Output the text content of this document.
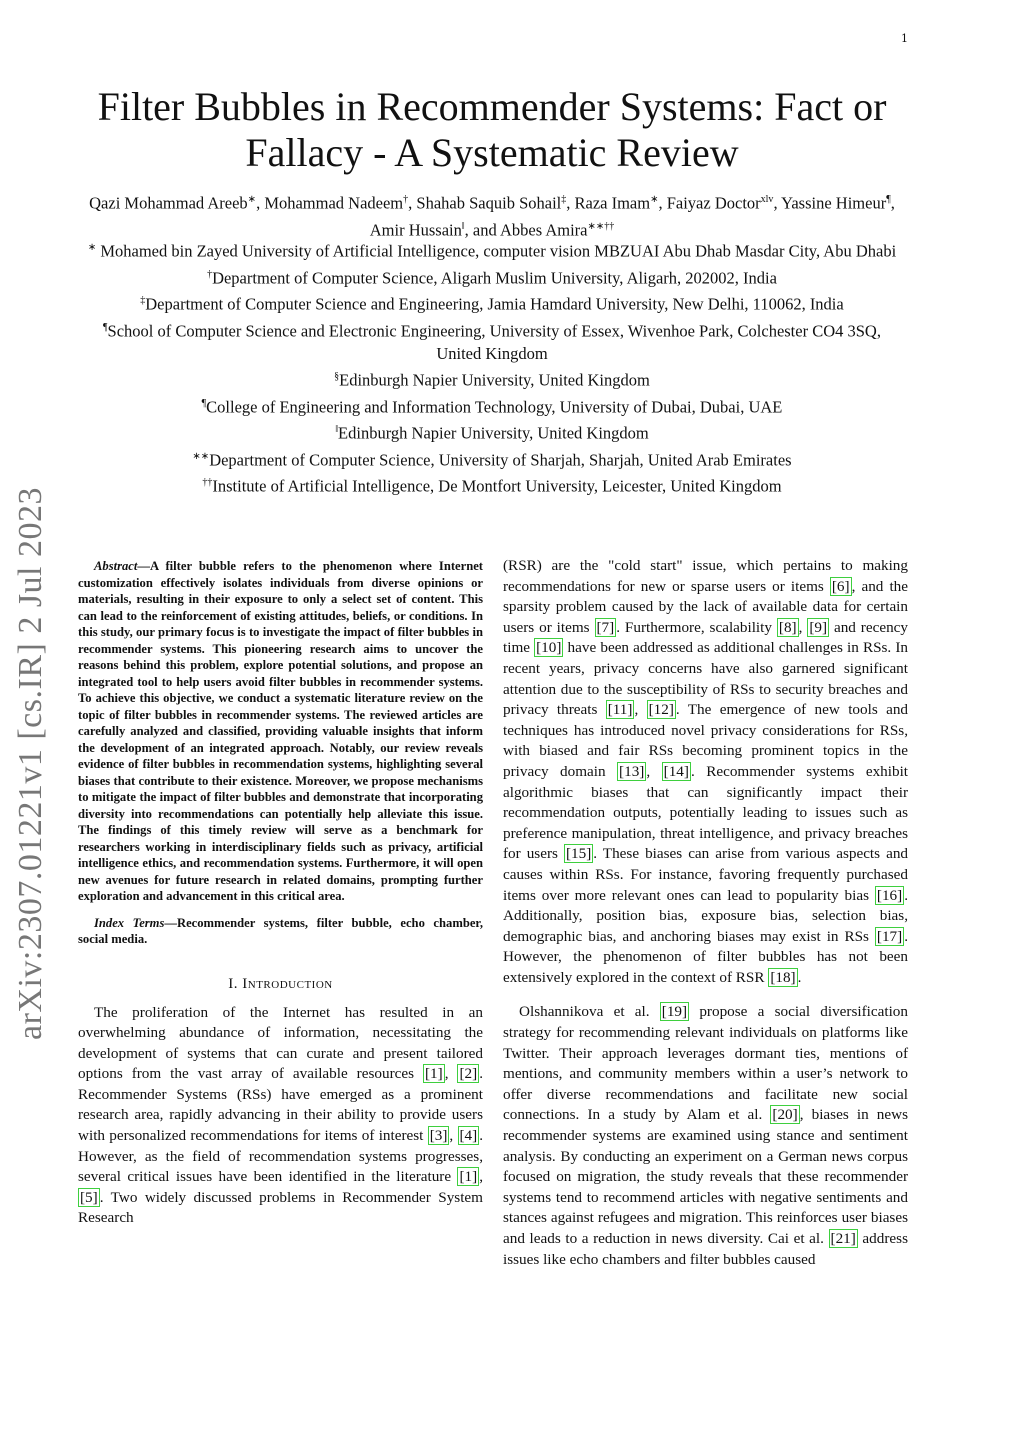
1
arXiv:2307.01221v1 [cs.IR] 2 Jul 2023
Filter Bubbles in Recommender Systems: Fact or Fallacy - A Systematic Review
Qazi Mohammad Areeb∗, Mohammad Nadeem†, Shahab Saquib Sohail‡, Raza Imam∗, Faiyaz Doctor$^{xlv}$, Yassine Himeur¶, Amir Hussain‖, and Abbes Amira∗∗††
∗ Mohamed bin Zayed University of Artificial Intelligence, computer vision MBZUAI Abu Dhab Masdar City, Abu Dhabi
†Department of Computer Science, Aligarh Muslim University, Aligarh, 202002, India
‡Department of Computer Science and Engineering, Jamia Hamdard University, New Delhi, 110062, India
¶School of Computer Science and Electronic Engineering, University of Essex, Wivenhoe Park, Colchester CO4 3SQ, United Kingdom
§Edinburgh Napier University, United Kingdom
¶College of Engineering and Information Technology, University of Dubai, Dubai, UAE
‖Edinburgh Napier University, United Kingdom
∗∗Department of Computer Science, University of Sharjah, Sharjah, United Arab Emirates
††Institute of Artificial Intelligence, De Montfort University, Leicester, United Kingdom

Abstract—A filter bubble refers to the phenomenon where Internet customization effectively isolates individuals from diverse opinions or materials, resulting in their exposure to only a select set of content. This can lead to the reinforcement of existing attitudes, beliefs, or conditions. In this study, our primary focus is to investigate the impact of filter bubbles in recommender systems. This pioneering research aims to uncover the reasons behind this problem, explore potential solutions, and propose an integrated tool to help users avoid filter bubbles in recommender systems. To achieve this objective, we conduct a systematic literature review on the topic of filter bubbles in recommender systems. The reviewed articles are carefully analyzed and classified, providing valuable insights that inform the development of an integrated approach. Notably, our review reveals evidence of filter bubbles in recommendation systems, highlighting several biases that contribute to their existence. Moreover, we propose mechanisms to mitigate the impact of filter bubbles and demonstrate that incorporating diversity into recommendations can potentially help alleviate this issue. The findings of this timely review will serve as a benchmark for researchers working in interdisciplinary fields such as privacy, artificial intelligence ethics, and recommendation systems. Furthermore, it will open new avenues for future research in related domains, prompting further exploration and advancement in this critical area.

Index Terms—Recommender systems, filter bubble, echo chamber, social media.

I. Introduction

The proliferation of the Internet has resulted in an overwhelming abundance of information, necessitating the development of systems that can curate and present tailored options from the vast array of available resources [1] , [2] . Recommender Systems (RSs) have emerged as a prominent research area, rapidly advancing in their ability to provide users with personalized recommendations for items of interest [3] , [4] . However, as the field of recommendation systems progresses, several critical issues have been identified in the literature [1] , [5] . Two widely discussed problems in Recommender System Research

(RSR) are the "cold start" issue, which pertains to making recommendations for new or sparse users or items [6] , and the sparsity problem caused by the lack of available data for certain users or items [7] . Furthermore, scalability [8] , [9] and recency time [10] have been addressed as additional challenges in RSs. In recent years, privacy concerns have also garnered significant attention due to the susceptibility of RSs to security breaches and privacy threats [11] , [12] . The emergence of new tools and techniques has introduced novel privacy considerations for RSs, with biased and fair RSs becoming prominent topics in the privacy domain [13] , [14] . Recommender systems exhibit algorithmic biases that can significantly impact their recommendation outputs, potentially leading to issues such as preference manipulation, threat intelligence, and privacy breaches for users [15] . These biases can arise from various aspects and causes within RSs. For instance, favoring frequently purchased items over more relevant ones can lead to popularity bias [16] . Additionally, position bias, exposure bias, selection bias, demographic bias, and anchoring biases may exist in RSs [17] . However, the phenomenon of filter bubbles has not been extensively explored in the context of RSR [18] .

Olshannikova et al. [19] propose a social diversification strategy for recommending relevant individuals on platforms like Twitter. Their approach leverages dormant ties, mentions of mentions, and community members within a user’s network to offer diverse recommendations and facilitate new social connections. In a study by Alam et al. [20] , biases in news recommender systems are examined using stance and sentiment analysis. By conducting an experiment on a German news corpus focused on migration, the study reveals that these recommender systems tend to recommend articles with negative sentiments and stances against refugees and migration. This reinforces user biases and leads to a reduction in news diversity. Cai et al. [21] address issues like echo chambers and filter bubbles caused
